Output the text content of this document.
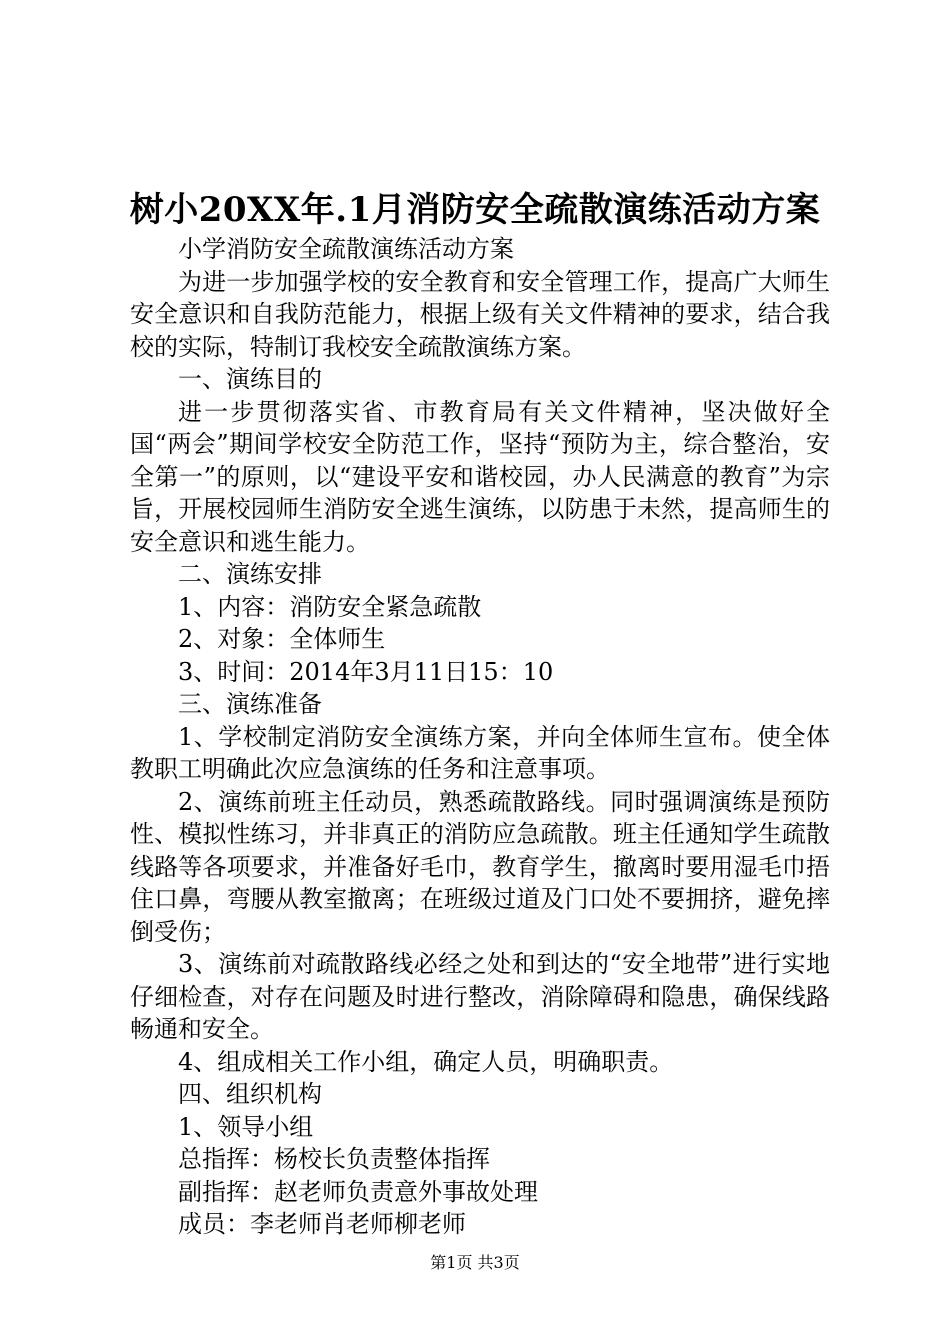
树小20XX年.1月消防安全疏散演练活动方案

小学消防安全疏散演练活动方案

为进一步加强学校的安全教育和安全管理工作，提高广大师生安全意识和自我防范能力，根据上级有关文件精神的要求，结合我校的实际，特制订我校安全疏散演练方案。

一、演练目的

进一步贯彻落实省、市教育局有关文件精神，坚决做好全国“两会”期间学校安全防范工作，坚持“预防为主，综合整治，安全第一”的原则，以“建设平安和谐校园，办人民满意的教育”为宗旨，开展校园师生消防安全逃生演练，以防患于未然，提高师生的安全意识和逃生能力。

二、演练安排

1、内容：消防安全紧急疏散

2、对象：全体师生

3、时间：2014年3月11日15：10

三、演练准备

1、学校制定消防安全演练方案，并向全体师生宣布。使全体教职工明确此次应急演练的任务和注意事项。

2、演练前班主任动员，熟悉疏散路线。同时强调演练是预防性、模拟性练习，并非真正的消防应急疏散。班主任通知学生疏散线路等各项要求，并准备好毛巾，教育学生，撤离时要用湿毛巾捂住口鼻，弯腰从教室撤离；在班级过道及门口处不要拥挤，避免摔倒受伤；

3、演练前对疏散路线必经之处和到达的“安全地带”进行实地仔细检查，对存在问题及时进行整改，消除障碍和隐患，确保线路畅通和安全。

4、组成相关工作小组，确定人员，明确职责。

四、组织机构

1、领导小组

总指挥：杨校长负责整体指挥

副指挥：赵老师负责意外事故处理

成员：李老师肖老师柳老师

第1页 共3页
